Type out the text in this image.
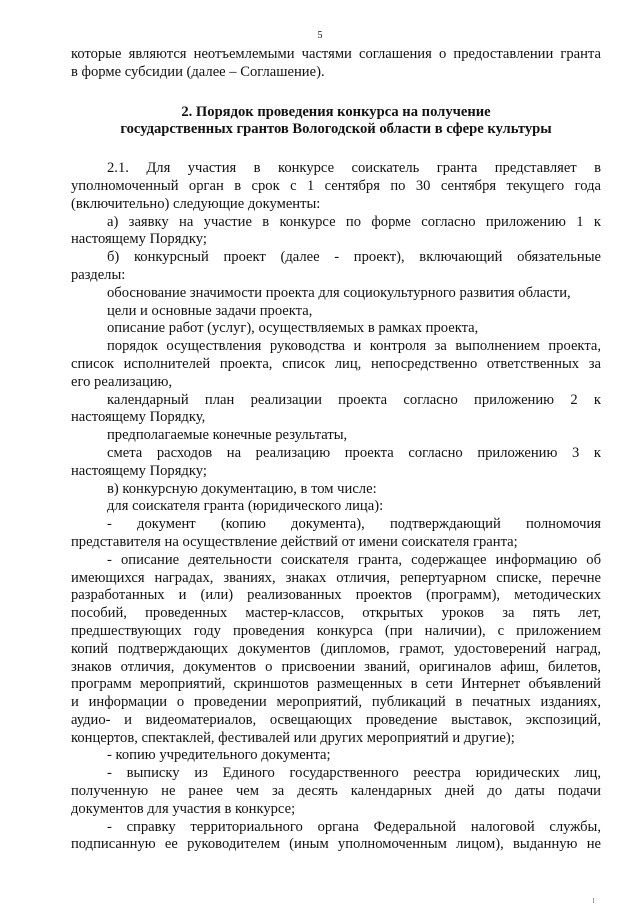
5
которые являются неотъемлемыми частями соглашения о предоставлении гранта
в форме субсидии (далее – Соглашение).
2. Порядок проведения конкурса на получение
государственных грантов Вологодской области в сфере культуры
2.1. Для участия в конкурсе соискатель гранта представляет в
уполномоченный орган в срок с 1 сентября по 30 сентября текущего года
(включительно) следующие документы:
а) заявку на участие в конкурсе по форме согласно приложению 1 к
настоящему Порядку;
б) конкурсный проект (далее - проект), включающий обязательные
разделы:
обоснование значимости проекта для социокультурного развития области,
цели и основные задачи проекта,
описание работ (услуг), осуществляемых в рамках проекта,
порядок осуществления руководства и контроля за выполнением проекта,
список исполнителей проекта, список лиц, непосредственно ответственных за
его реализацию,
календарный план реализации проекта согласно приложению 2 к
настоящему Порядку,
предполагаемые конечные результаты,
смета расходов на реализацию проекта согласно приложению 3 к
настоящему Порядку;
в) конкурсную документацию, в том числе:
для соискателя гранта (юридического лица):
- документ (копию документа), подтверждающий полномочия
представителя на осуществление действий от имени соискателя гранта;
- описание деятельности соискателя гранта, содержащее информацию об
имеющихся наградах, званиях, знаках отличия, репертуарном списке, перечне
разработанных и (или) реализованных проектов (программ), методических
пособий, проведенных мастер-классов, открытых уроков за пять лет,
предшествующих году проведения конкурса (при наличии), с приложением
копий подтверждающих документов (дипломов, грамот, удостоверений наград,
знаков отличия, документов о присвоении званий, оригиналов афиш, билетов,
программ мероприятий, скриншотов размещенных в сети Интернет объявлений
и информации о проведении мероприятий, публикаций в печатных изданиях,
аудио- и видеоматериалов, освещающих проведение выставок, экспозиций,
концертов, спектаклей, фестивалей или других мероприятий и другие);
- копию учредительного документа;
- выписку из Единого государственного реестра юридических лиц,
полученную не ранее чем за десять календарных дней до даты подачи
документов для участия в конкурсе;
- справку территориального органа Федеральной налоговой службы,
подписанную ее руководителем (иным уполномоченным лицом), выданную не
